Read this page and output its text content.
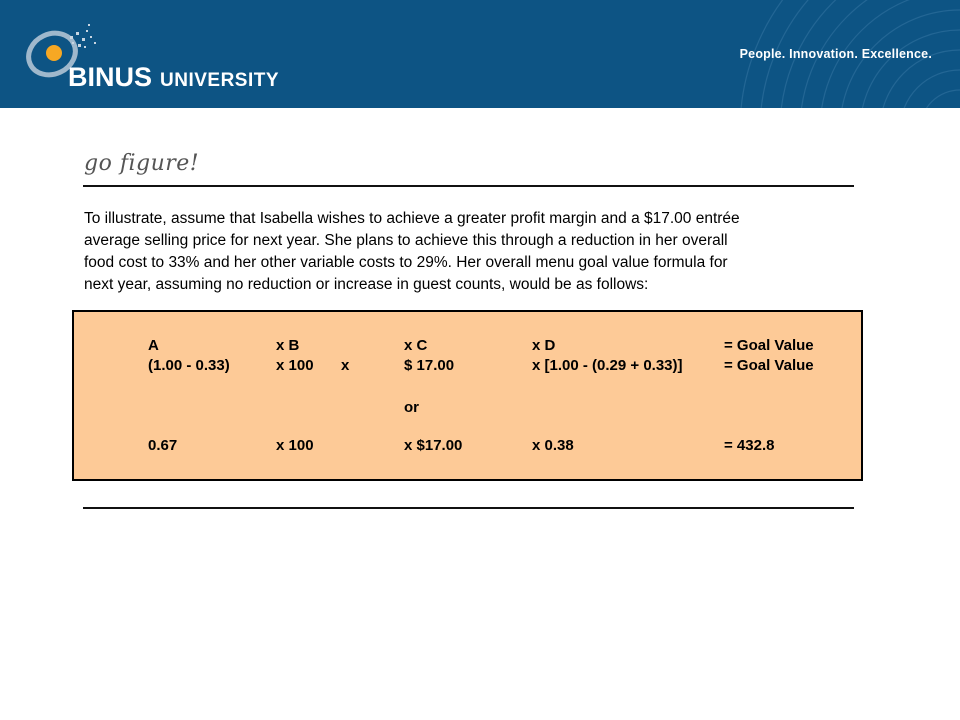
BINUS UNIVERSITY
People. Innovation. Excellence.
go figure!
To illustrate, assume that Isabella wishes to achieve a greater profit margin and a $17.00 entrée
average selling price for next year. She plans to achieve this through a reduction in her overall
food cost to 33% and her other variable costs to 29%. Her overall menu goal value formula for
next year, assuming no reduction or increase in guest counts, would be as follows:
A	x B	x C	x D	= Goal Value
(1.00 - 0.33)	x 100 x	$ 17.00	x [1.00 - (0.29 + 0.33)]	= Goal Value
or
0.67	x 100	x $17.00	x 0.38	= 432.8
